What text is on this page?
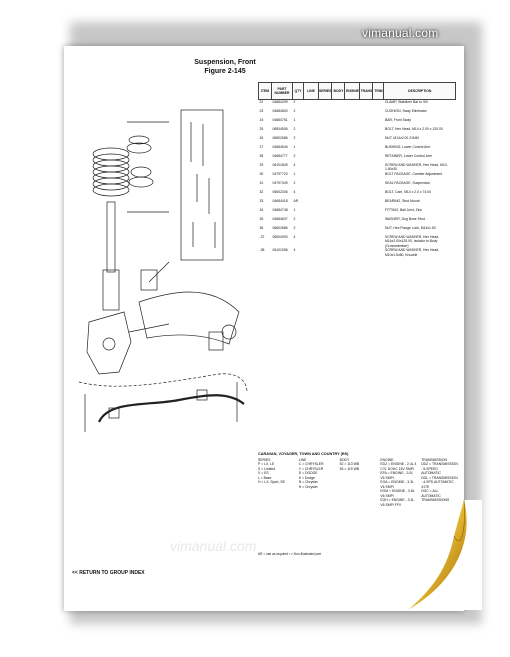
vimanual.com
Suspension, Front
Figure 2-145
ITEM	PART NUMBER	QTY	LINE	SERIES	BODY	ENGINE	TRANS	TRIM	DESCRIPTION
22	04684299	2							CLAMP, Stabilizer Bar to Sill
23	04684800	2							CUSHION, Sway Eliminator
24	04684751	1							BAR, Front Sway
25	06504506	2							BOLT, Hex Head, M14 x 2.00 x 120.00
26	06502686	2							NUT, M14x2.00 21MM
27	04684546	1							BUSHING, Lower Control Arm
28	04684777	2							RETAINER, Lower Control Arm
29	06101849	4							SCREW AND WASHER, Hex Head, M10-1.50x30
30	04797723	1							BOLT PACKAGE, Camber Adjustment
31	04797449	2							SEAL PACKAGE, Suspension
32	06502306	4							BOLT, Cam, M14 x 2.0 x 74.00
33	04684418	AR							BEARING, Strut Mount
34	04684748	1							FITTING, Ball Joint, Zinc
35	04684637	2							WASHER, Dog Bone Strut
36	06502886	2							NUT, Hex Flange Lock, M14x1.50
-37	06504093	4							SCREW AND WASHER, Hex Head, M14x2.00x125.00, Isolator to Body (Crossmember)
-38	06101056	4							SCREW AND WASHER, Hex Head, M10x1.5x80, Knuckle
CARAVAN, VOYAGER, TOWN AND COUNTRY (RS)
SERIES
P = LX, LE
S = Limited
X = ES
L = Base
H = LX, Sport, SE
LINE
C = CHRYSLER
Y = CHRYSLER
D = DODGE
K = Dodge
N = Chrysler
H = Chrysler
BODY
52 = 113 WB
53 = 119 WB
ENGINE
EDZ = ENGINE - 2.4L 4 CYL DOHC 16V SMPI
EFA = ENGINE - 3.0L V6 SMPI
EGA = ENGINE - 3.3L V6 SMPI
EGM = ENGINE - 3.8L V6 SMPI
EGH = ENGINE - 3.3L V6 SMPI FFV
TRANSMISSION
DDZ = TRANSMISSION - 5-SPEED AUTOMATIC
DGL = TRANSMISSION - 4-SPD AUTOMATIC 41TE
DGC = ALL AUTOMATIC TRANSMISSIONS
AR = use as required • = Non-Illustrated part
vimanual.com
<< RETURN TO GROUP INDEX
